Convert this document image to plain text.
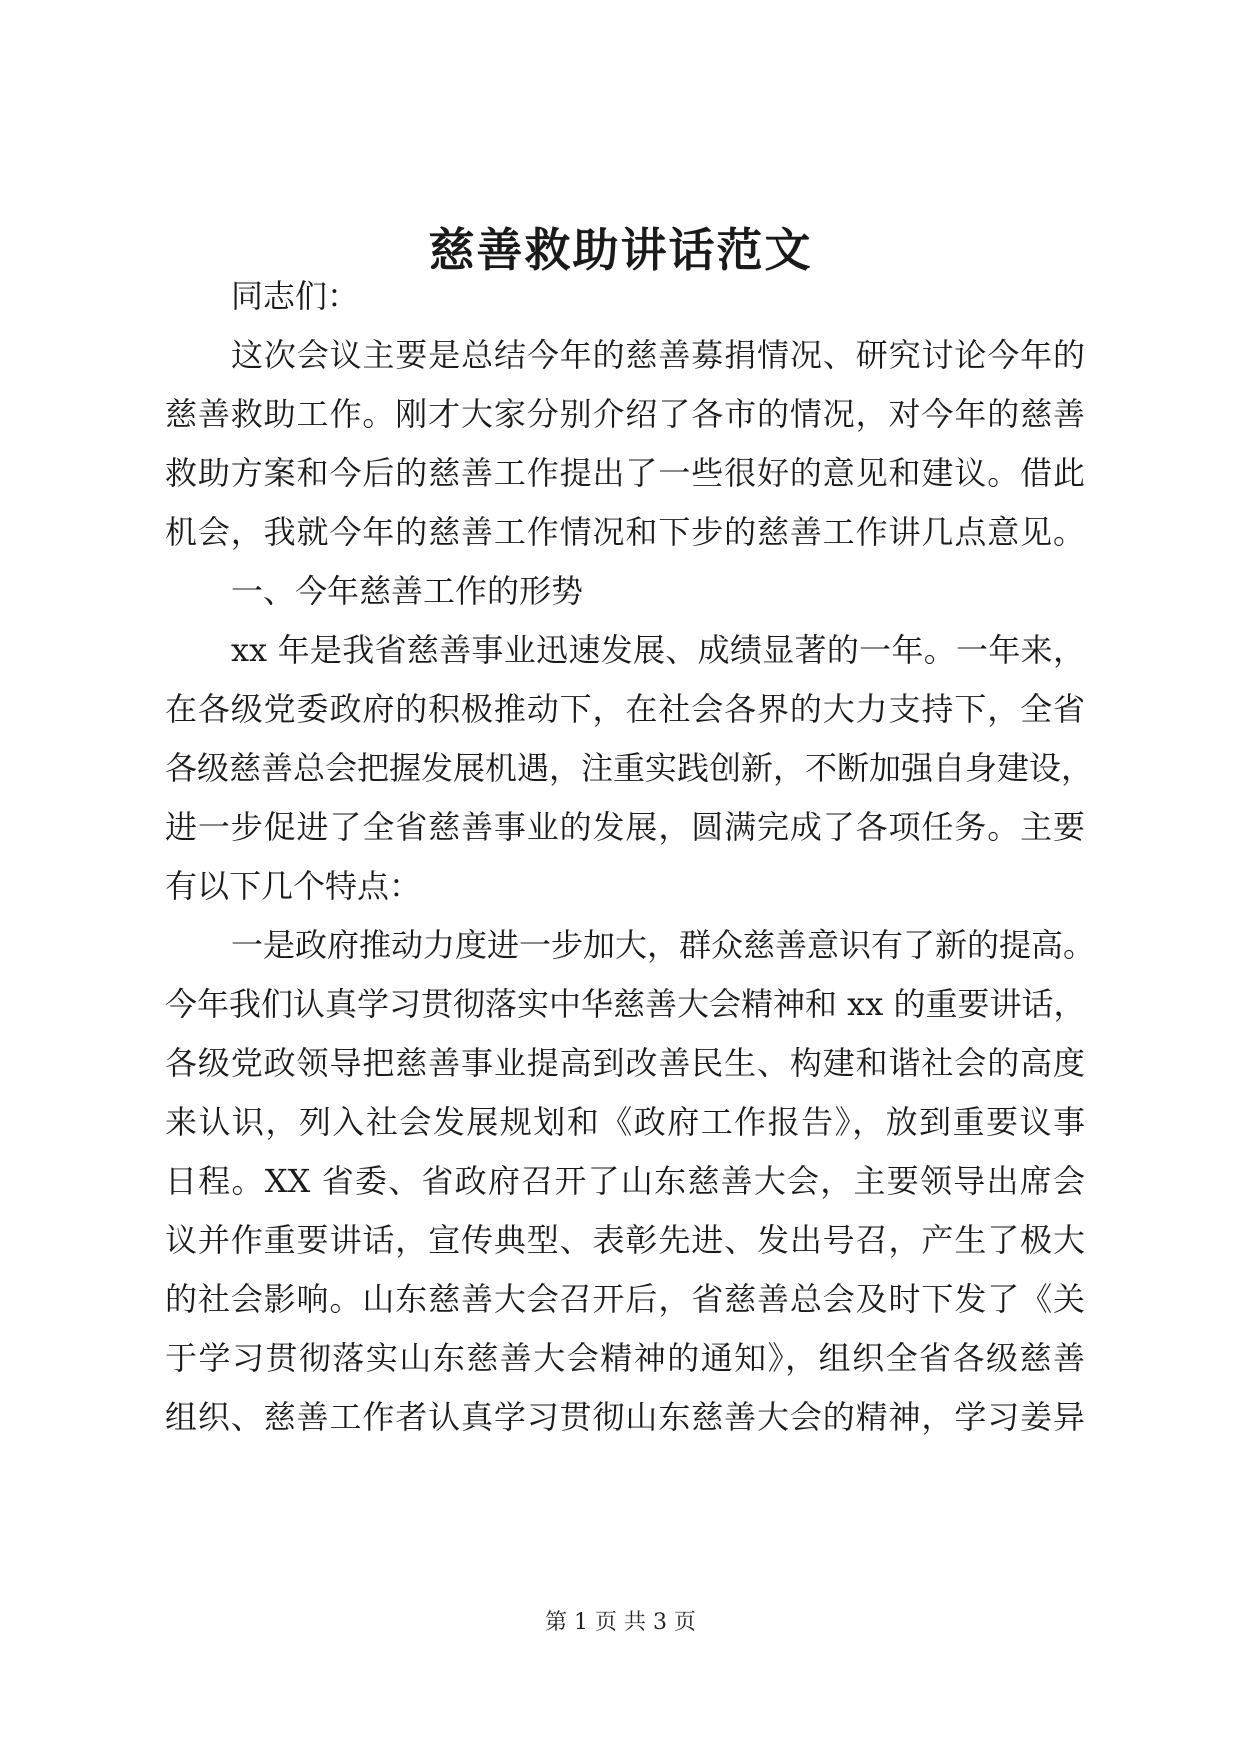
慈善救助讲话范文
同志们：
这次会议主要是总结今年的慈善募捐情况、研究讨论今年的
慈善救助工作。刚才大家分别介绍了各市的情况，对今年的慈善
救助方案和今后的慈善工作提出了一些很好的意见和建议。借此
机会，我就今年的慈善工作情况和下步的慈善工作讲几点意见。
一、今年慈善工作的形势
xx 年是我省慈善事业迅速发展、成绩显著的一年。一年来，
在各级党委政府的积极推动下，在社会各界的大力支持下，全省
各级慈善总会把握发展机遇，注重实践创新，不断加强自身建设，
进一步促进了全省慈善事业的发展，圆满完成了各项任务。主要
有以下几个特点：
一是政府推动力度进一步加大，群众慈善意识有了新的提高。
今年我们认真学习贯彻落实中华慈善大会精神和 xx 的重要讲话，
各级党政领导把慈善事业提高到改善民生、构建和谐社会的高度
来认识，列入社会发展规划和《政府工作报告》，放到重要议事
日程。XX 省委、省政府召开了山东慈善大会，主要领导出席会
议并作重要讲话，宣传典型、表彰先进、发出号召，产生了极大
的社会影响。山东慈善大会召开后，省慈善总会及时下发了《关
于学习贯彻落实山东慈善大会精神的通知》，组织全省各级慈善
组织、慈善工作者认真学习贯彻山东慈善大会的精神，学习姜异
第 1 页 共 3 页
